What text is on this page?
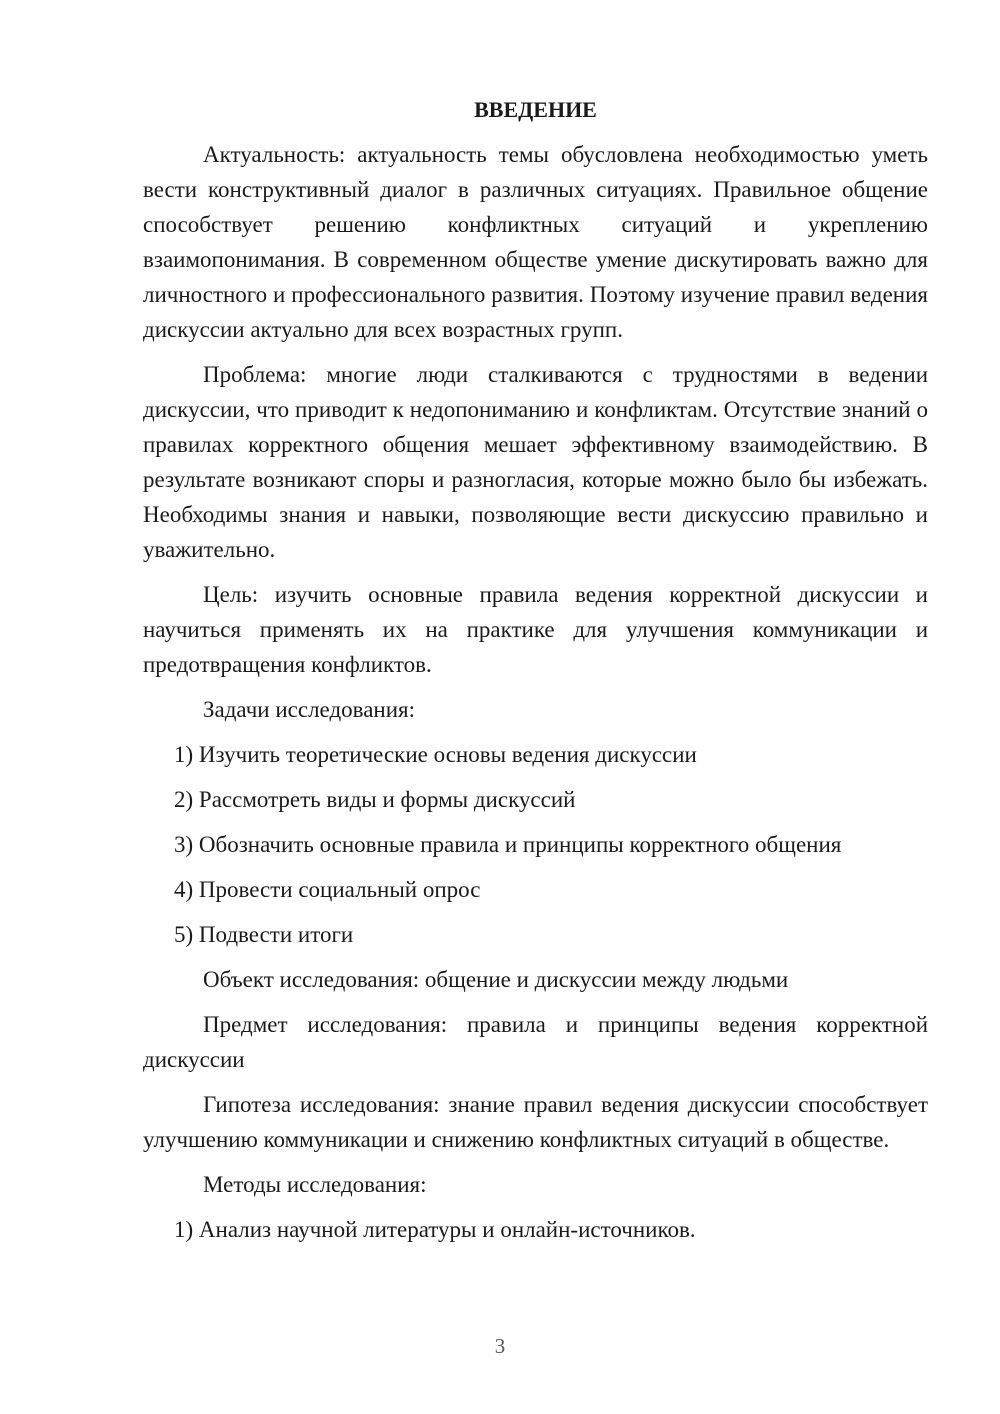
ВВЕДЕНИЕ

Актуальность: актуальность темы обусловлена необходимостью уметь вести конструктивный диалог в различных ситуациях. Правильное общение способствует решению конфликтных ситуаций и укреплению взаимопонимания. В современном обществе умение дискутировать важно для личностного и профессионального развития. Поэтому изучение правил ведения дискуссии актуально для всех возрастных групп.

Проблема: многие люди сталкиваются с трудностями в ведении дискуссии, что приводит к недопониманию и конфликтам. Отсутствие знаний о правилах корректного общения мешает эффективному взаимодействию. В результате возникают споры и разногласия, которые можно было бы избежать. Необходимы знания и навыки, позволяющие вести дискуссию правильно и уважительно.

Цель: изучить основные правила ведения корректной дискуссии и научиться применять их на практике для улучшения коммуникации и предотвращения конфликтов.

Задачи исследования:
1) Изучить теоретические основы ведения дискуссии
2) Рассмотреть виды и формы дискуссий
3) Обозначить основные правила и принципы корректного общения
4) Провести социальный опрос
5) Подвести итоги

Объект исследования: общение и дискуссии между людьми

Предмет исследования: правила и принципы ведения корректной дискуссии

Гипотеза исследования: знание правил ведения дискуссии способствует улучшению коммуникации и снижению конфликтных ситуаций в обществе.

Методы исследования:
1) Анализ научной литературы и онлайн-источников.
3
